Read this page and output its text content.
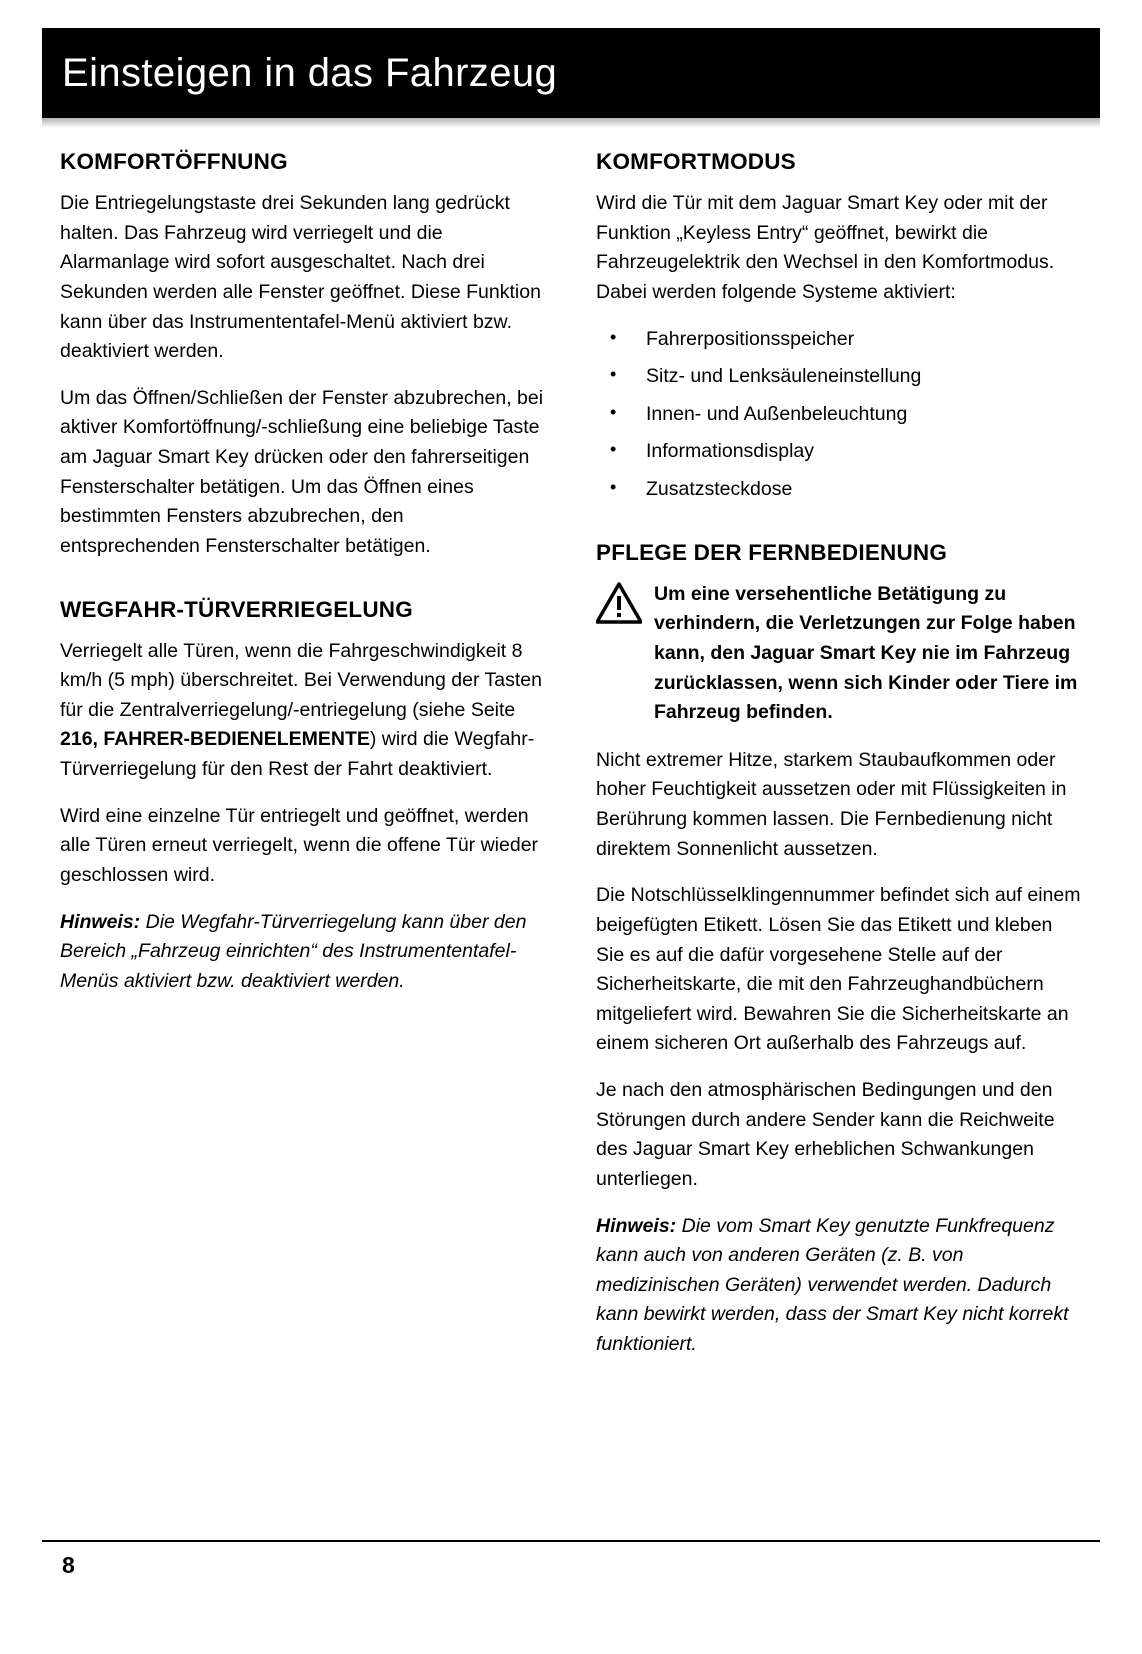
Einsteigen in das Fahrzeug
KOMFORTÖFFNUNG

Die Entriegelungstaste drei Sekunden lang gedrückt halten. Das Fahrzeug wird verriegelt und die Alarmanlage wird sofort ausgeschaltet. Nach drei Sekunden werden alle Fenster geöffnet. Diese Funktion kann über das Instrumententafel-Menü aktiviert bzw. deaktiviert werden.

Um das Öffnen/Schließen der Fenster abzubrechen, bei aktiver Komfortöffnung/-schließung eine beliebige Taste am Jaguar Smart Key drücken oder den fahrerseitigen Fensterschalter betätigen. Um das Öffnen eines bestimmten Fensters abzubrechen, den entsprechenden Fensterschalter betätigen.

WEGFAHR-TÜRVERRIEGELUNG

Verriegelt alle Türen, wenn die Fahrgeschwindigkeit 8 km/h (5 mph) überschreitet. Bei Verwendung der Tasten für die Zentralverriegelung/-entriegelung (siehe Seite 216, FAHRER-BEDIENELEMENTE) wird die Wegfahr-Türverriegelung für den Rest der Fahrt deaktiviert.

Wird eine einzelne Tür entriegelt und geöffnet, werden alle Türen erneut verriegelt, wenn die offene Tür wieder geschlossen wird.

Hinweis: Die Wegfahr-Türverriegelung kann über den Bereich „Fahrzeug einrichten“ des Instrumententafel-Menüs aktiviert bzw. deaktiviert werden.

KOMFORTMODUS

Wird die Tür mit dem Jaguar Smart Key oder mit der Funktion „Keyless Entry“ geöffnet, bewirkt die Fahrzeugelektrik den Wechsel in den Komfortmodus. Dabei werden folgende Systeme aktiviert:

• Fahrerpositionsspeicher
• Sitz- und Lenksäuleneinstellung
• Innen- und Außenbeleuchtung
• Informationsdisplay
• Zusatzsteckdose
PFLEGE DER FERNBEDIENUNG
Um eine versehentliche Betätigung zu verhindern, die Verletzungen zur Folge haben kann, den Jaguar Smart Key nie im Fahrzeug zurücklassen, wenn sich Kinder oder Tiere im Fahrzeug befinden.

Nicht extremer Hitze, starkem Staubaufkommen oder hoher Feuchtigkeit aussetzen oder mit Flüssigkeiten in Berührung kommen lassen. Die Fernbedienung nicht direktem Sonnenlicht aussetzen.

Die Notschlüsselklingennummer befindet sich auf einem beigefügten Etikett. Lösen Sie das Etikett und kleben Sie es auf die dafür vorgesehene Stelle auf der Sicherheitskarte, die mit den Fahrzeughandbüchern mitgeliefert wird. Bewahren Sie die Sicherheitskarte an einem sicheren Ort außerhalb des Fahrzeugs auf.

Je nach den atmosphärischen Bedingungen und den Störungen durch andere Sender kann die Reichweite des Jaguar Smart Key erheblichen Schwankungen unterliegen.

Hinweis: Die vom Smart Key genutzte Funkfrequenz kann auch von anderen Geräten (z. B. von medizinischen Geräten) verwendet werden. Dadurch kann bewirkt werden, dass der Smart Key nicht korrekt funktioniert.

8
